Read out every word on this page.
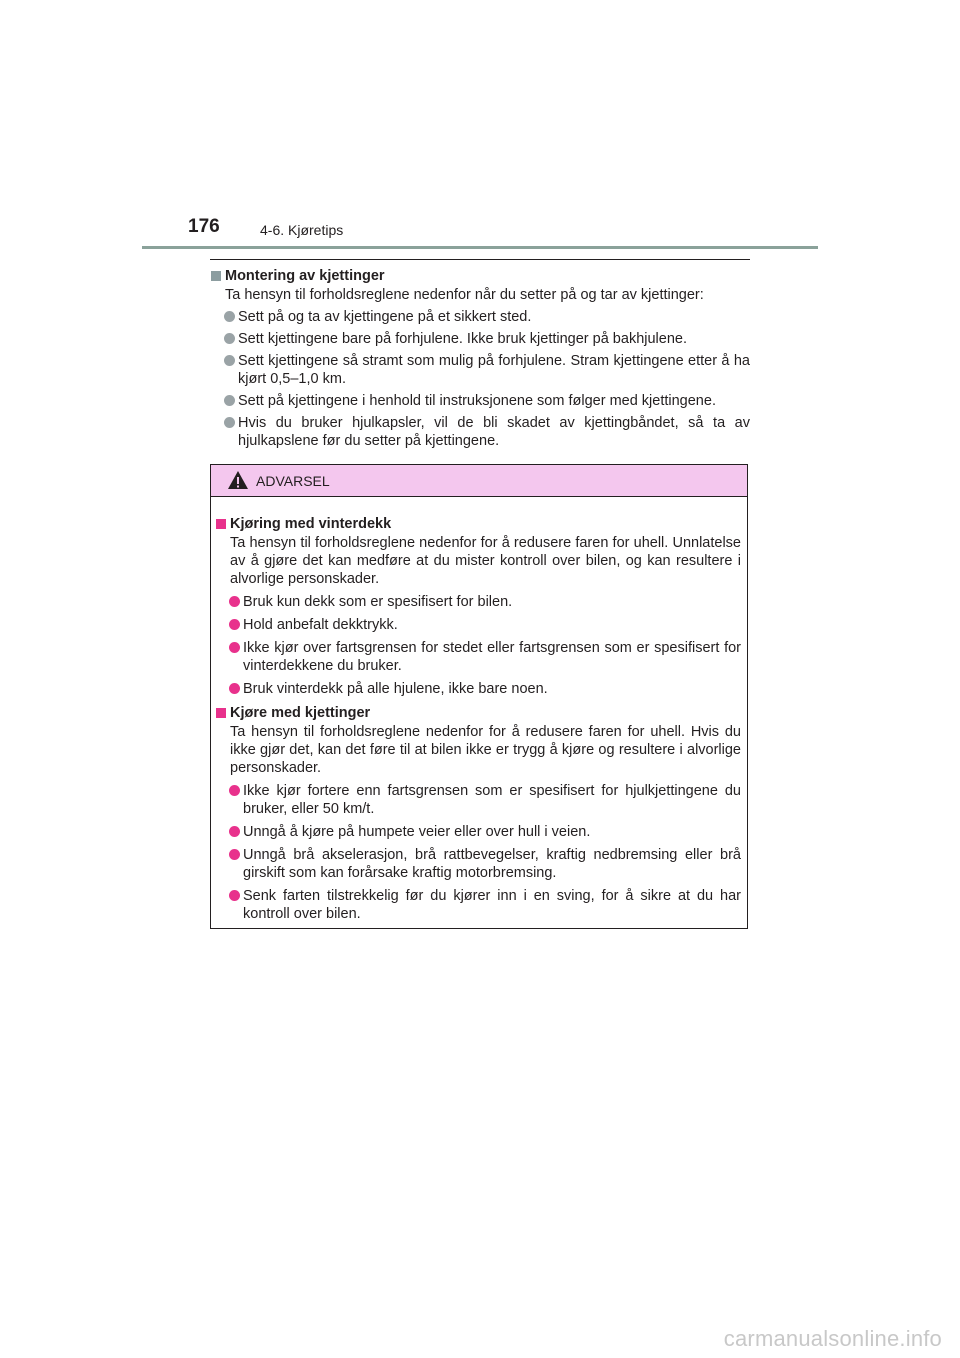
176	4-6. Kjøretips
Montering av kjettinger
Ta hensyn til forholdsreglene nedenfor når du setter på og tar av kjettinger:
Sett på og ta av kjettingene på et sikkert sted.
Sett kjettingene bare på forhjulene. Ikke bruk kjettinger på bakhjulene.
Sett kjettingene så stramt som mulig på forhjulene. Stram kjettingene etter å ha kjørt 0,5–1,0 km.
Sett på kjettingene i henhold til instruksjonene som følger med kjettingene.
Hvis du bruker hjulkapsler, vil de bli skadet av kjettingbåndet, så ta av hjulkapslene før du setter på kjettingene.
ADVARSEL
Kjøring med vinterdekk
Ta hensyn til forholdsreglene nedenfor for å redusere faren for uhell. Unnlatelse av å gjøre det kan medføre at du mister kontroll over bilen, og kan resultere i alvorlige personskader.
Bruk kun dekk som er spesifisert for bilen.
Hold anbefalt dekktrykk.
Ikke kjør over fartsgrensen for stedet eller fartsgrensen som er spesifisert for vinterdekkene du bruker.
Bruk vinterdekk på alle hjulene, ikke bare noen.
Kjøre med kjettinger
Ta hensyn til forholdsreglene nedenfor for å redusere faren for uhell. Hvis du ikke gjør det, kan det føre til at bilen ikke er trygg å kjøre og resultere i alvorlige personskader.
Ikke kjør fortere enn fartsgrensen som er spesifisert for hjulkjettingene du bruker, eller 50 km/t.
Unngå å kjøre på humpete veier eller over hull i veien.
Unngå brå akselerasjon, brå rattbevegelser, kraftig nedbremsing eller brå girskift som kan forårsake kraftig motorbremsing.
Senk farten tilstrekkelig før du kjører inn i en sving, for å sikre at du har kontroll over bilen.
carmanualsonline.info
